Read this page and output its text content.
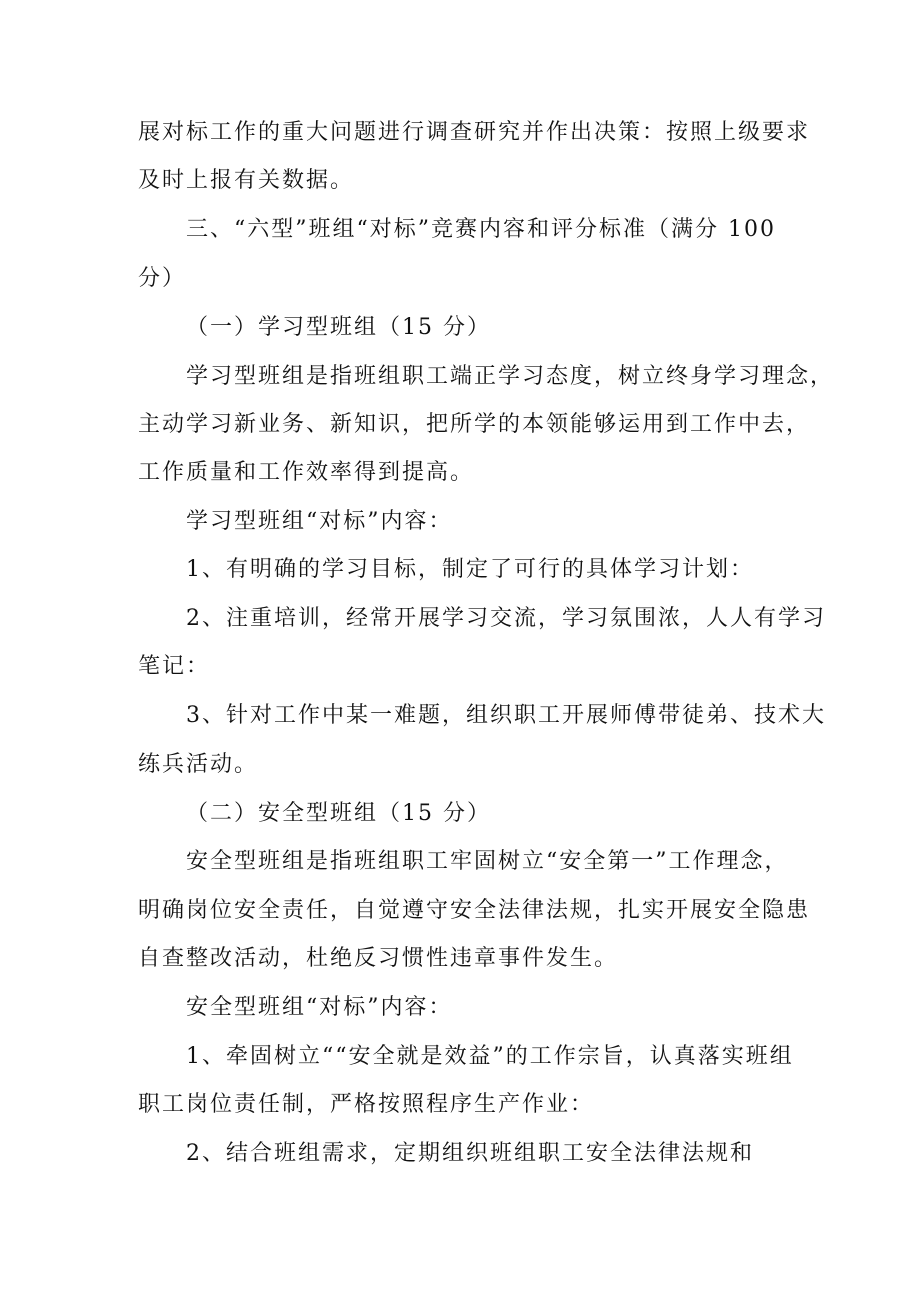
展对标工作的重大问题进行调查研究并作出决策：按照上级要求
及时上报有关数据。
三、“六型”班组“对标”竞赛内容和评分标准（满分 100
分）
（一）学习型班组（15 分）
学习型班组是指班组职工端正学习态度，树立终身学习理念，
主动学习新业务、新知识，把所学的本领能够运用到工作中去，
工作质量和工作效率得到提高。
学习型班组“对标”内容：
1、有明确的学习目标，制定了可行的具体学习计划：
2、注重培训，经常开展学习交流，学习氛围浓，人人有学习
笔记：
3、针对工作中某一难题，组织职工开展师傅带徒弟、技术大
练兵活动。
（二）安全型班组（15 分）
安全型班组是指班组职工牢固树立“安全第一”工作理念，
明确岗位安全责任，自觉遵守安全法律法规，扎实开展安全隐患
自查整改活动，杜绝反习惯性违章事件发生。
安全型班组“对标”内容：
1、牵固树立““安全就是效益”的工作宗旨，认真落实班组
职工岗位责任制，严格按照程序生产作业：
2、结合班组需求，定期组织班组职工安全法律法规和
